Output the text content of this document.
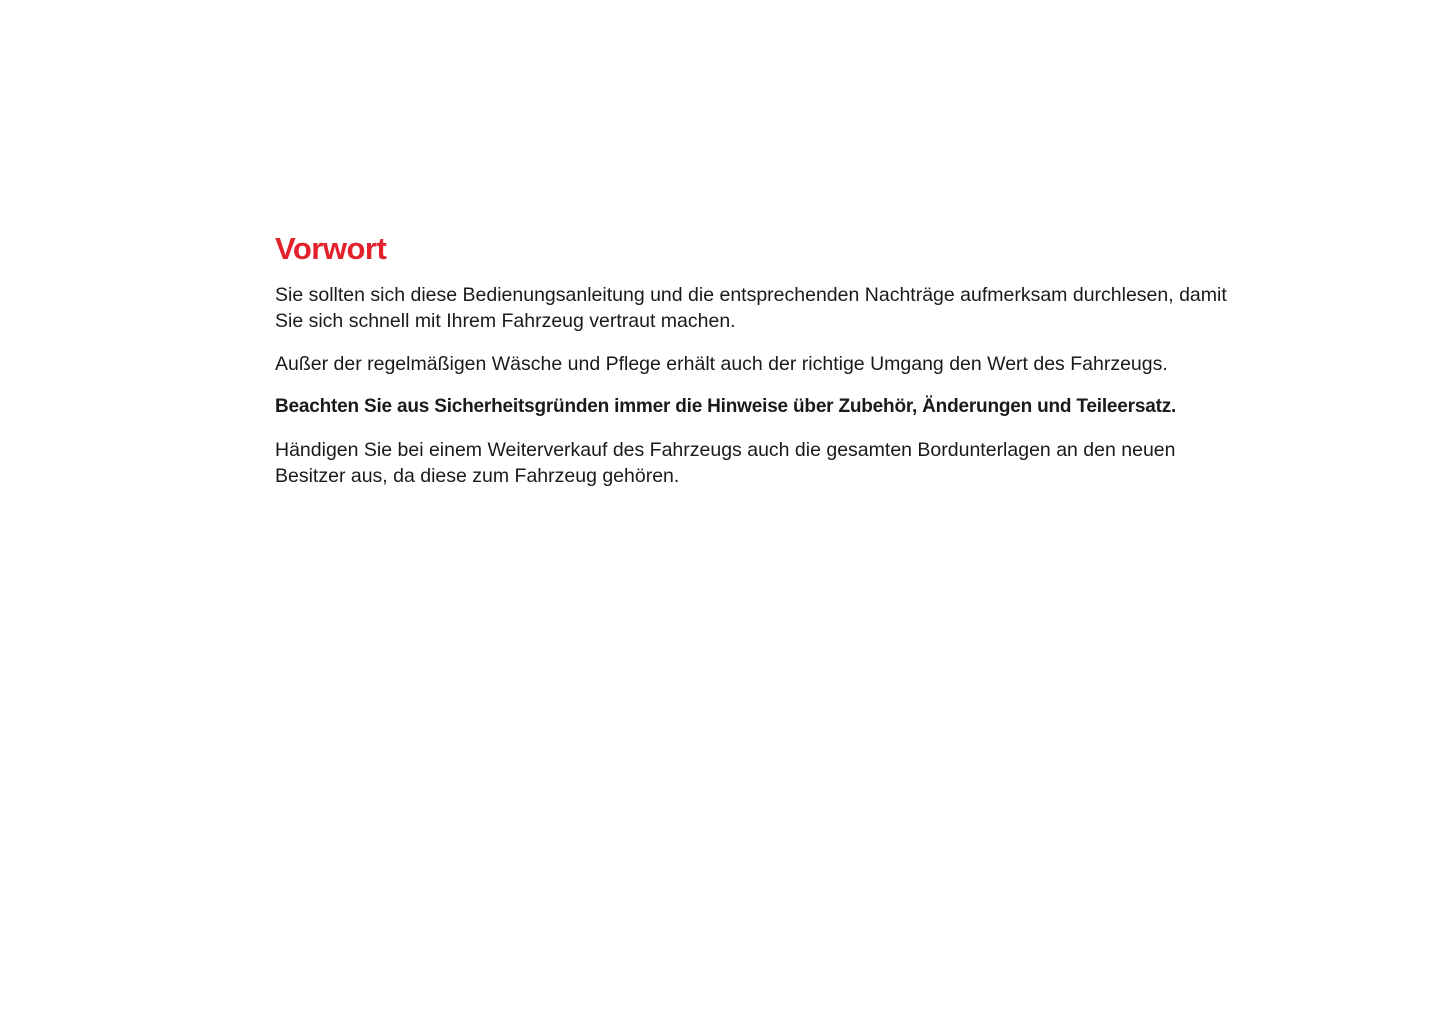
Vorwort

Sie sollten sich diese Bedienungsanleitung und die entsprechenden Nachträge aufmerksam durchlesen, damit Sie sich schnell mit Ihrem Fahrzeug vertraut machen.

Außer der regelmäßigen Wäsche und Pflege erhält auch der richtige Umgang den Wert des Fahrzeugs.

Beachten Sie aus Sicherheitsgründen immer die Hinweise über Zubehör, Änderungen und Teileersatz.

Händigen Sie bei einem Weiterverkauf des Fahrzeugs auch die gesamten Bordunterlagen an den neuen Besitzer aus, da diese zum Fahrzeug gehören.
